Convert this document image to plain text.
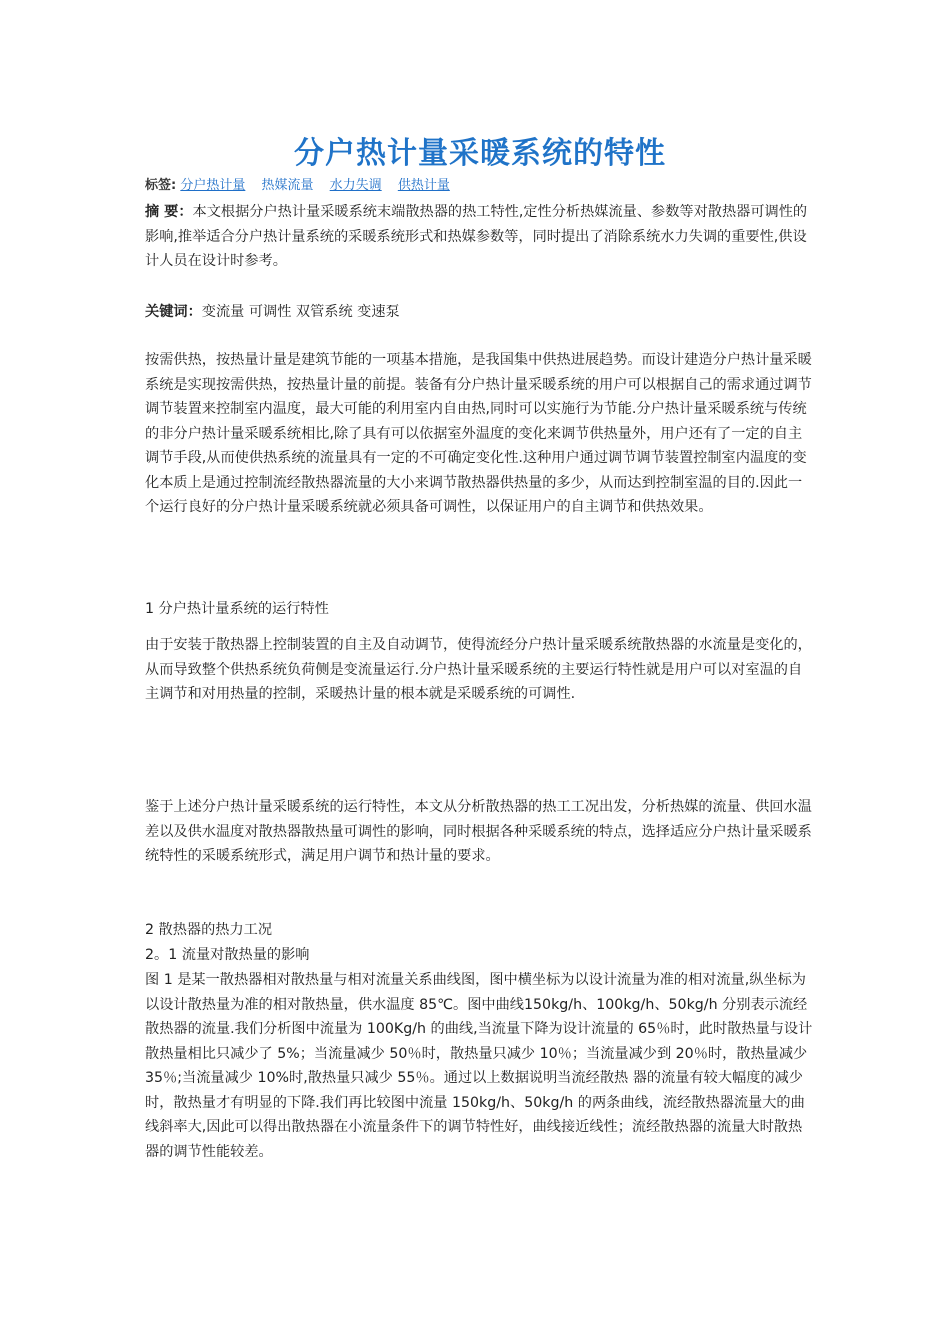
分户热计量采暖系统的特性
标签: 分户热计量 热媒流量 水力失调 供热计量

摘 要：本文根据分户热计量采暖系统末端散热器的热工特性,定性分析热媒流量、参数等对散热器可调性的影响,推举适合分户热计量系统的采暖系统形式和热媒参数等，同时提出了消除系统水力失调的重要性,供设计人员在设计时参考。

关键词：变流量 可调性 双管系统 变速泵

按需供热，按热量计量是建筑节能的一项基本措施，是我国集中供热进展趋势。而设计建造分户热计量采暖系统是实现按需供热，按热量计量的前提。装备有分户热计量采暖系统的用户可以根据自己的需求通过调节调节装置来控制室内温度，最大可能的利用室内自由热,同时可以实施行为节能.分户热计量采暖系统与传统的非分户热计量采暖系统相比,除了具有可以依据室外温度的变化来调节供热量外，用户还有了一定的自主调节手段,从而使供热系统的流量具有一定的不可确定变化性.这种用户通过调节调节装置控制室内温度的变化本质上是通过控制流经散热器流量的大小来调节散热器供热量的多少，从而达到控制室温的目的.因此一个运行良好的分户热计量采暖系统就必须具备可调性，以保证用户的自主调节和供热效果。

1 分户热计量系统的运行特性

由于安装于散热器上控制装置的自主及自动调节，使得流经分户热计量采暖系统散热器的水流量是变化的，从而导致整个供热系统负荷侧是变流量运行.分户热计量采暖系统的主要运行特性就是用户可以对室温的自主调节和对用热量的控制，采暖热计量的根本就是采暖系统的可调性.

鉴于上述分户热计量采暖系统的运行特性，本文从分析散热器的热工工况出发，分析热媒的流量、供回水温差以及供水温度对散热器散热量可调性的影响，同时根据各种采暖系统的特点，选择适应分户热计量采暖系统特性的采暖系统形式，满足用户调节和热计量的要求。

2 散热器的热力工况

2。1 流量对散热量的影响

图 1 是某一散热器相对散热量与相对流量关系曲线图，图中横坐标为以设计流量为准的相对流量,纵坐标为以设计散热量为准的相对散热量，供水温度 85℃。图中曲线150kg/h、100kg/h、50kg/h 分别表示流经散热器的流量.我们分析图中流量为 100Kg/h 的曲线,当流量下降为设计流量的 65％时，此时散热量与设计散热量相比只减少了 5%；当流量减少 50％时，散热量只减少 10％；当流量减少到 20％时，散热量减少 35％;当流量减少 10%时,散热量只减少 55％。通过以上数据说明当流经散热 器的流量有较大幅度的减少时，散热量才有明显的下降.我们再比较图中流量 150kg/h、50kg/h 的两条曲线，流经散热器流量大的曲线斜率大,因此可以得出散热器在小流量条件下的调节特性好，曲线接近线性；流经散热器的流量大时散热器的调节性能较差。
